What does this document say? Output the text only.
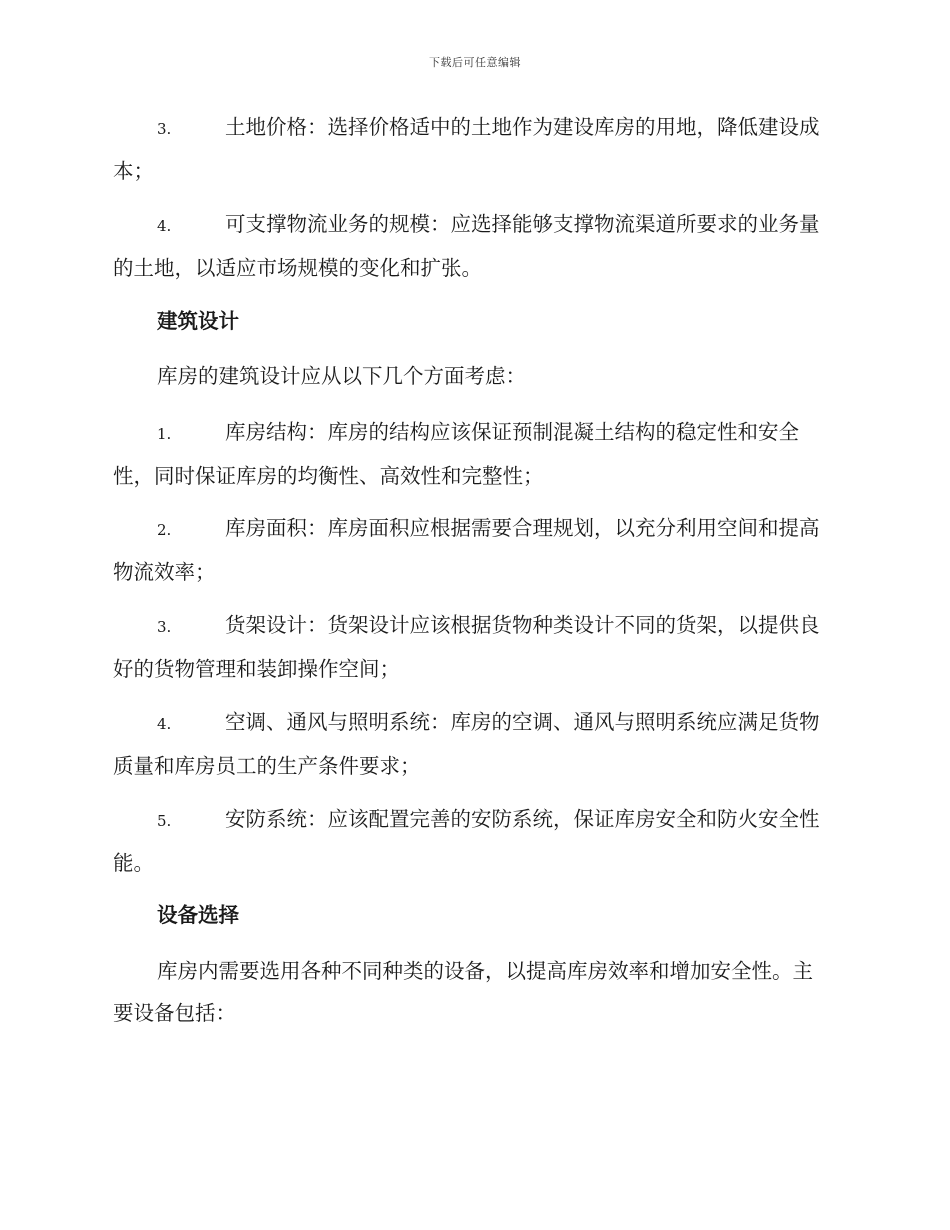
下载后可任意编辑

3.	土地价格：选择价格适中的土地作为建设库房的用地，降低建设成本；

4.	可支撑物流业务的规模：应选择能够支撑物流渠道所要求的业务量的土地，以适应市场规模的变化和扩张。

建筑设计

库房的建筑设计应从以下几个方面考虑：

1.	库房结构：库房的结构应该保证预制混凝土结构的稳定性和安全性，同时保证库房的均衡性、高效性和完整性；

2.	库房面积：库房面积应根据需要合理规划，以充分利用空间和提高物流效率；

3.	货架设计：货架设计应该根据货物种类设计不同的货架，以提供良好的货物管理和装卸操作空间；

4.	空调、通风与照明系统：库房的空调、通风与照明系统应满足货物质量和库房员工的生产条件要求；

5.	安防系统：应该配置完善的安防系统，保证库房安全和防火安全性能。

设备选择

库房内需要选用各种不同种类的设备，以提高库房效率和增加安全性。主要设备包括：
